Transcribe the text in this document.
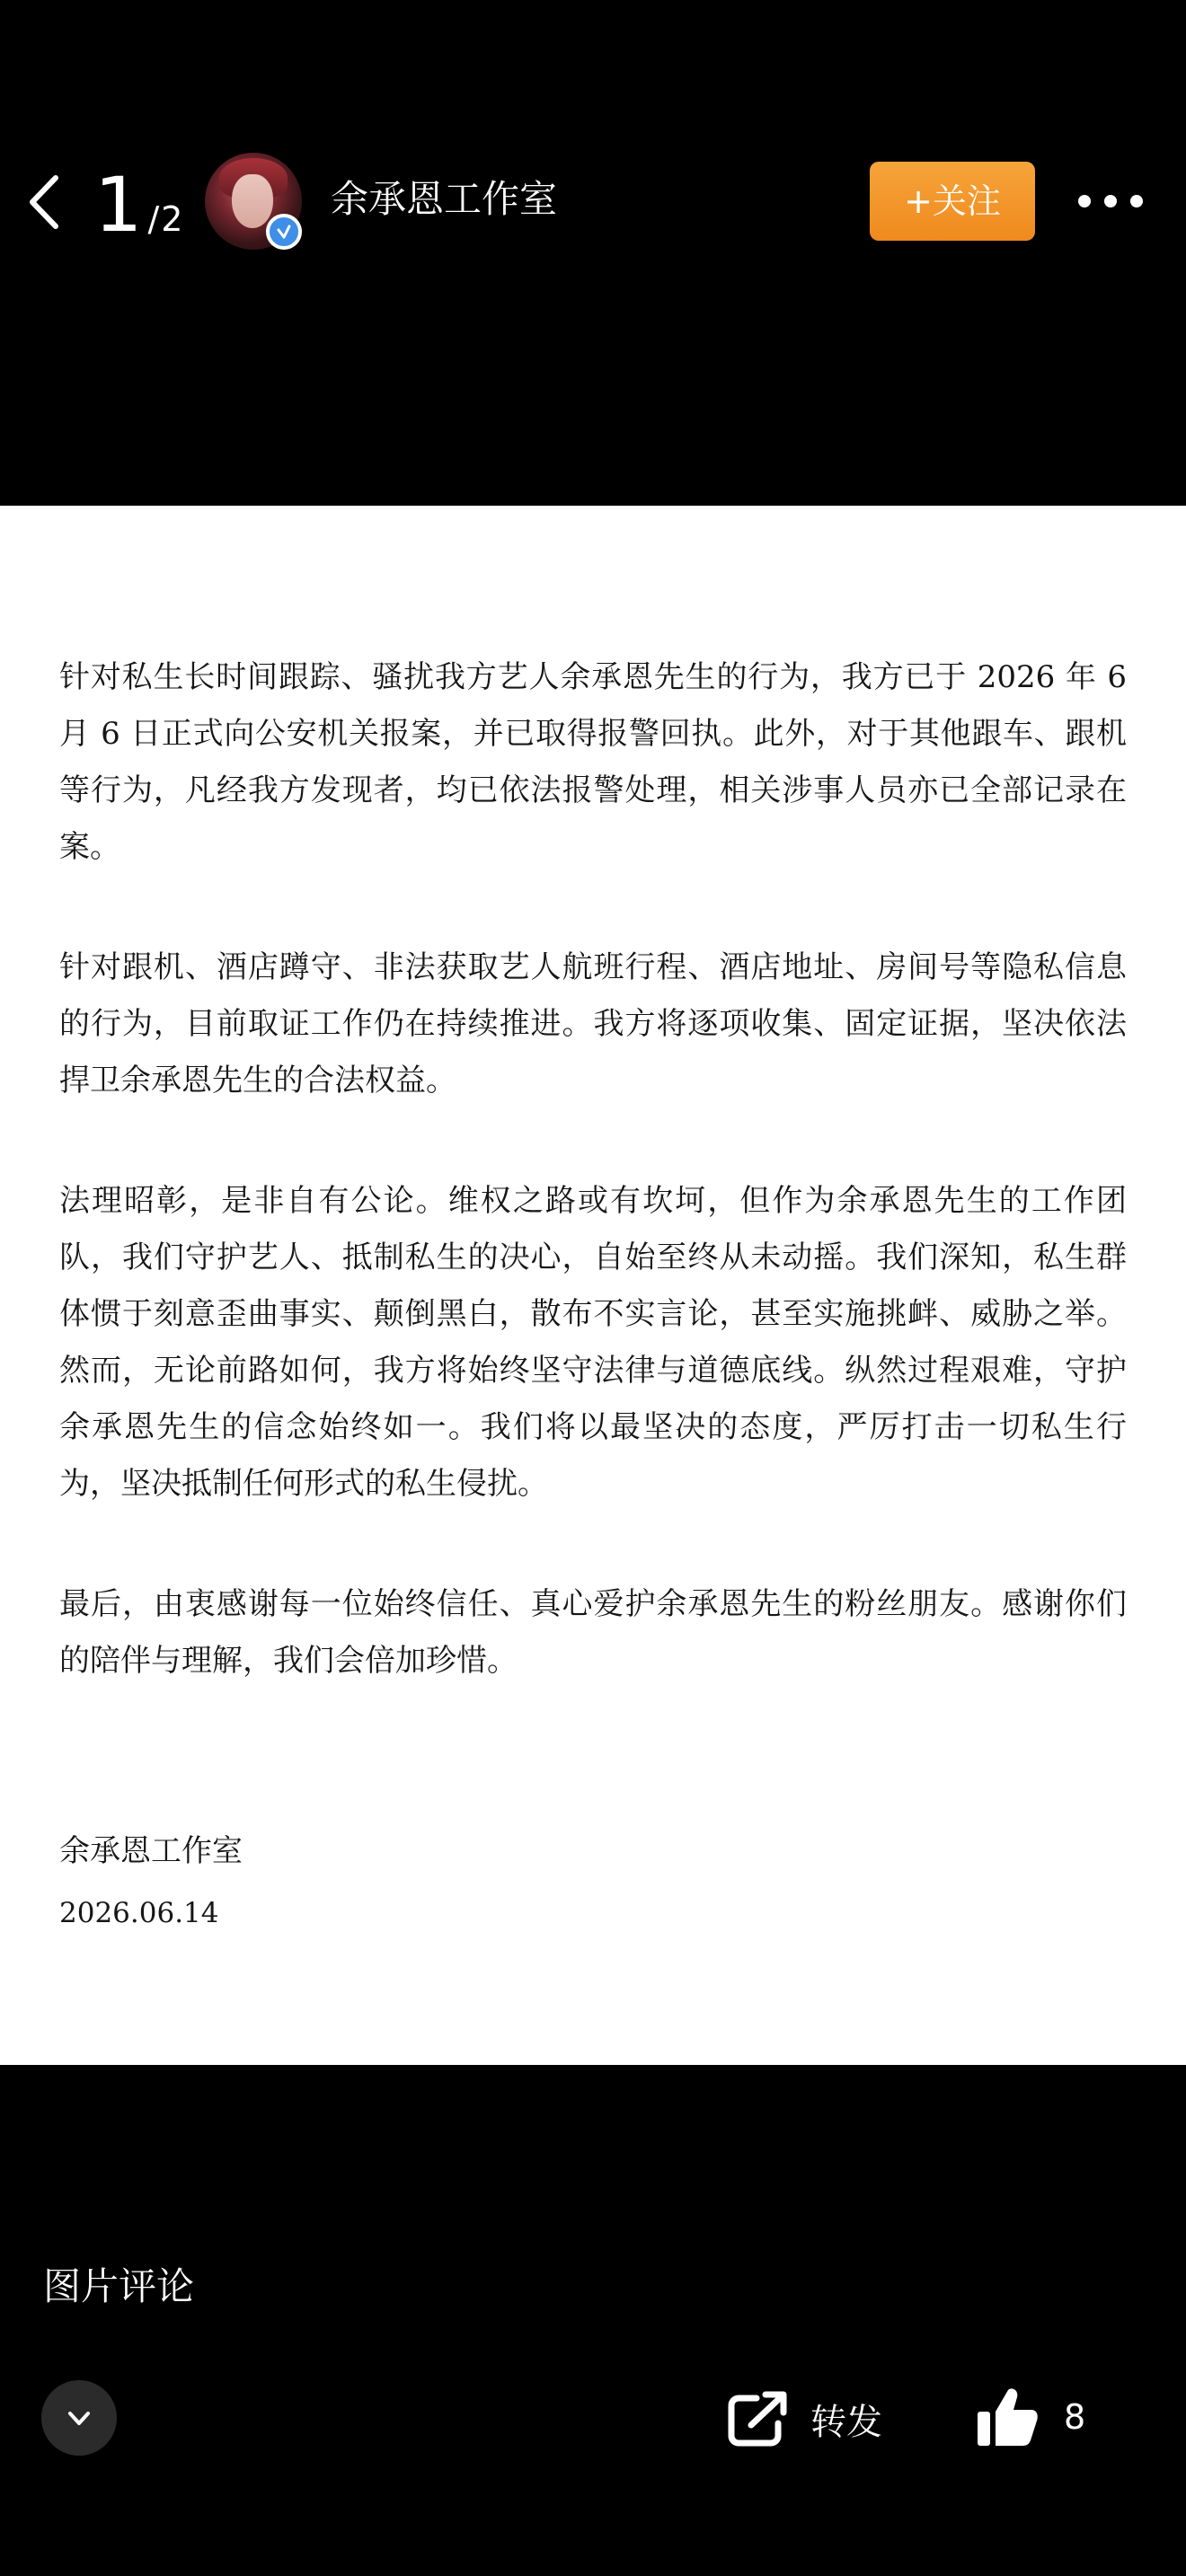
1 / 2	余承恩工作室	+关注

针对私生长时间跟踪、骚扰我方艺人余承恩先生的行为，我方已于 2026 年 6 月 6 日正式向公安机关报案，并已取得报警回执。此外，对于其他跟车、跟机等行为，凡经我方发现者，均已依法报警处理，相关涉事人员亦已全部记录在案。

针对跟机、酒店蹲守、非法获取艺人航班行程、酒店地址、房间号等隐私信息的行为，目前取证工作仍在持续推进。我方将逐项收集、固定证据，坚决依法捍卫余承恩先生的合法权益。

法理昭彰，是非自有公论。维权之路或有坎坷，但作为余承恩先生的工作团队，我们守护艺人、抵制私生的决心，自始至终从未动摇。我们深知，私生群体惯于刻意歪曲事实、颠倒黑白，散布不实言论，甚至实施挑衅、威胁之举。然而，无论前路如何，我方将始终坚守法律与道德底线。纵然过程艰难，守护余承恩先生的信念始终如一。我们将以最坚决的态度，严厉打击一切私生行为，坚决抵制任何形式的私生侵扰。

最后，由衷感谢每一位始终信任、真心爱护余承恩先生的粉丝朋友。感谢你们的陪伴与理解，我们会倍加珍惜。

余承恩工作室
2026.06.14
图片评论
转发	8
